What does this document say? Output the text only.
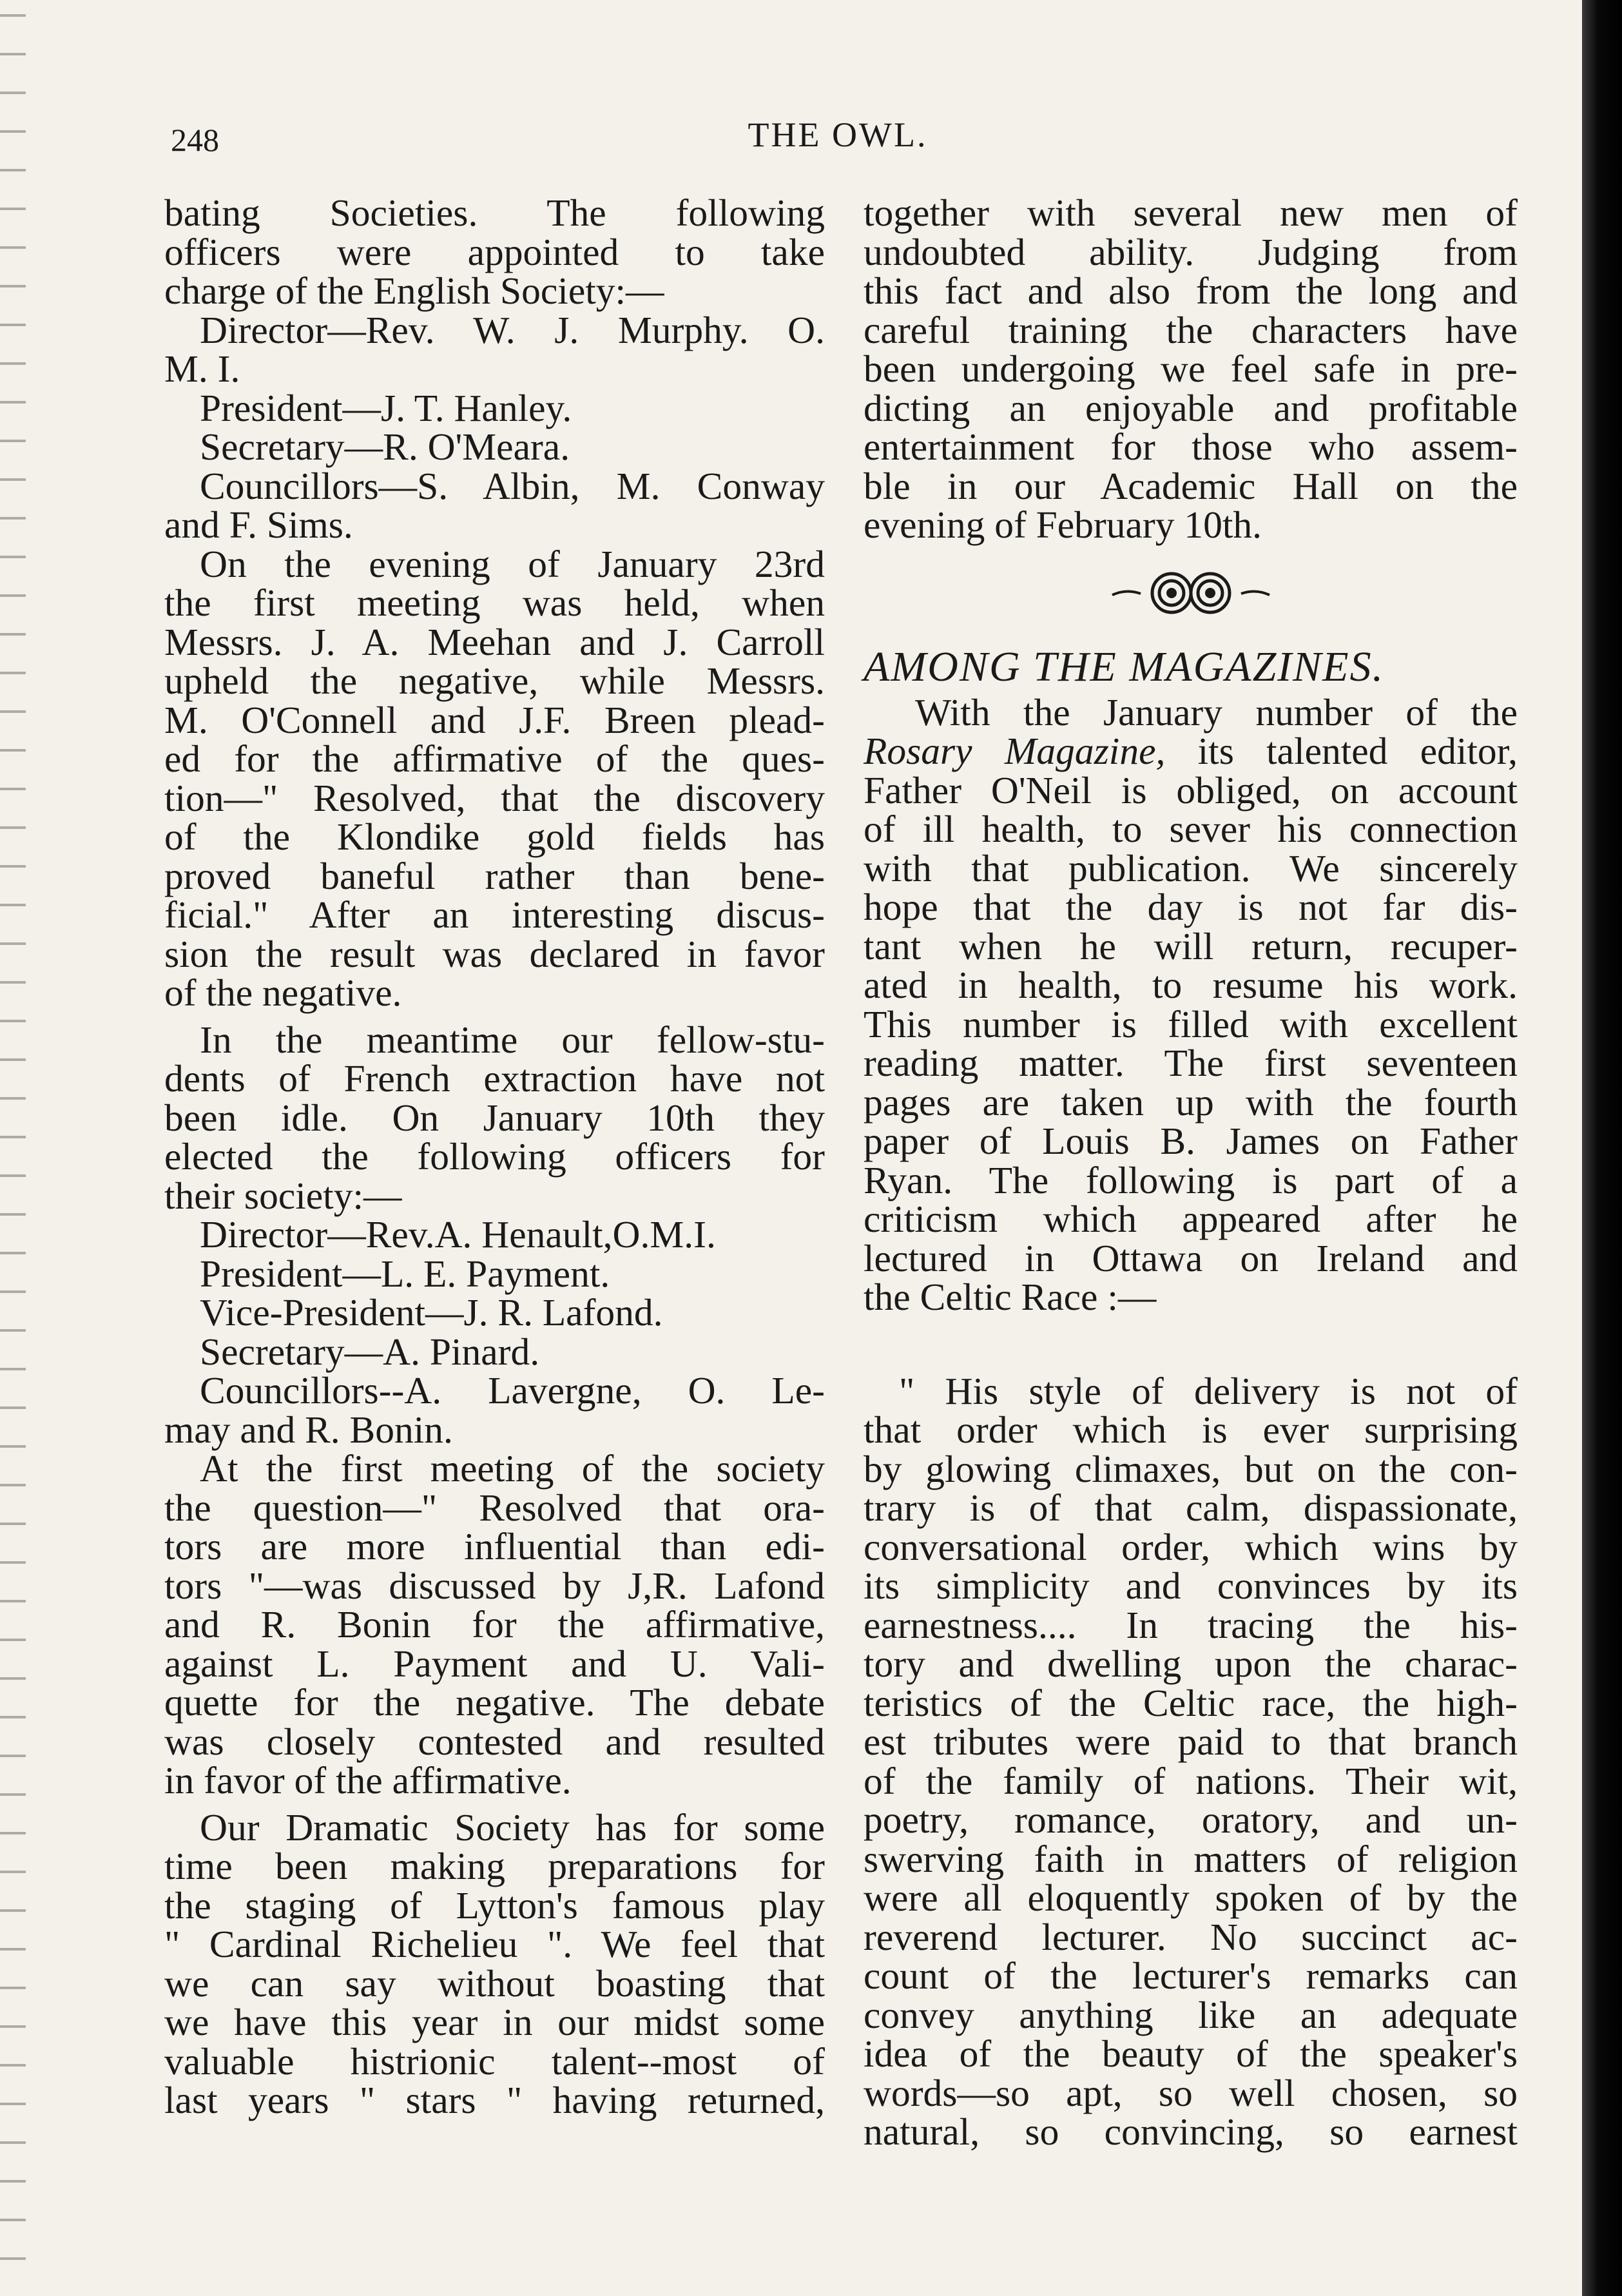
248	THE OWL.

bating Societies. The following

officers were appointed to take

charge of the English Society:—

Director—Rev. W. J. Murphy. O.

M. I.

President—J. T. Hanley.

Secretary—R. O'Meara.

Councillors—S. Albin, M. Conway

and F. Sims.

On the evening of January 23rd

the first meeting was held, when

Messrs. J. A. Meehan and J. Carroll

upheld the negative, while Messrs.

M. O'Connell and J.F. Breen plead-

ed for the affirmative of the ques-

tion—" Resolved, that the discovery

of the Klondike gold fields has

proved baneful rather than bene-

ficial." After an interesting discus-

sion the result was declared in favor

of the negative.

In the meantime our fellow-stu-

dents of French extraction have not

been idle. On January 10th they

elected the following officers for

their society:—

Director—Rev.A. Henault,O.M.I.

President—L. E. Payment.

Vice-President—J. R. Lafond.

Secretary—A. Pinard.

Councillors--A. Lavergne, O. Le-

may and R. Bonin.

At the first meeting of the society

the question—" Resolved that ora-

tors are more influential than edi-

tors "—was discussed by J,R. Lafond

and R. Bonin for the affirmative,

against L. Payment and U. Vali-

quette for the negative. The debate

was closely contested and resulted

in favor of the affirmative.

Our Dramatic Society has for some

time been making preparations for

the staging of Lytton's famous play

" Cardinal Richelieu ". We feel that

we can say without boasting that

we have this year in our midst some

valuable histrionic talent--most of

last years " stars " having returned,

together with several new men of

undoubted ability. Judging from

this fact and also from the long and

careful training the characters have

been undergoing we feel safe in pre-

dicting an enjoyable and profitable

entertainment for those who assem-

ble in our Academic Hall on the

evening of February 10th.

AMONG THE MAGAZINES.

With the January number of the

Rosary Magazine, its talented editor,

Father O'Neil is obliged, on account

of ill health, to sever his connection

with that publication. We sincerely

hope that the day is not far dis-

tant when he will return, recuper-

ated in health, to resume his work.

This number is filled with excellent

reading matter. The first seventeen

pages are taken up with the fourth

paper of Louis B. James on Father

Ryan. The following is part of a

criticism which appeared after he

lectured in Ottawa on Ireland and

the Celtic Race :—

" His style of delivery is not of

that order which is ever surprising

by glowing climaxes, but on the con-

trary is of that calm, dispassionate,

conversational order, which wins by

its simplicity and convinces by its

earnestness.... In tracing the his-

tory and dwelling upon the charac-

teristics of the Celtic race, the high-

est tributes were paid to that branch

of the family of nations. Their wit,

poetry, romance, oratory, and un-

swerving faith in matters of religion

were all eloquently spoken of by the

reverend lecturer. No succinct ac-

count of the lecturer's remarks can

convey anything like an adequate

idea of the beauty of the speaker's

words—so apt, so well chosen, so

natural, so convincing, so earnest
